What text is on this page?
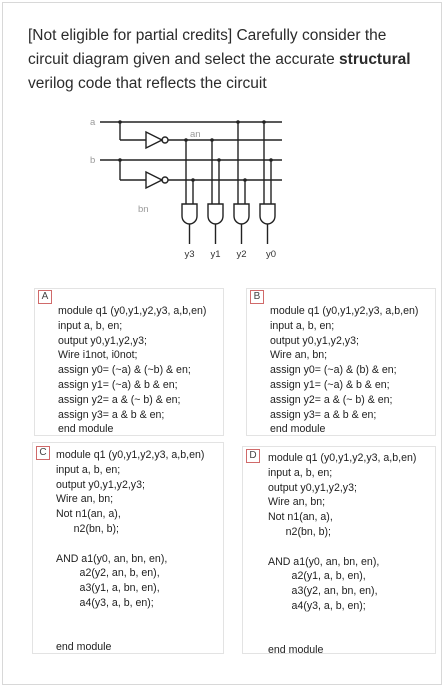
[Not eligible for partial credits] Carefully consider the circuit diagram given and select the accurate structural verilog code that reflects the circuit
a
b
an
bn
y3 y1 y2 y0
A
module q1 (y0,y1,y2,y3, a,b,en)
input a, b, en;
output y0,y1,y2,y3;
Wire i1not, i0not;
assign y0= (~a) & (~b) & en;
assign y1= (~a) & b & en;
assign y2= a & (~ b) & en;
assign y3= a & b & en;
end module
B
module q1 (y0,y1,y2,y3, a,b,en)
input a, b, en;
output y0,y1,y2,y3;
Wire an, bn;
assign y0= (~a) & (b) & en;
assign y1= (~a) & b & en;
assign y2= a & (~ b) & en;
assign y3= a & b & en;
end module
C module q1 (y0,y1,y2,y3, a,b,en)
input a, b, en;
output y0,y1,y2,y3;
Wire an, bn;
Not n1(an, a),
n2(bn, b);

AND a1(y0, an, bn, en),
a2(y2, an, b, en),
a3(y1, a, bn, en),
a4(y3, a, b, en);

end module
D	module q1 (y0,y1,y2,y3, a,b,en)
input a, b, en;
output y0,y1,y2,y3;
Wire an, bn;
Not n1(an, a),
n2(bn, b);

AND a1(y0, an, bn, en),
a2(y1, a, b, en),
a3(y2, an, bn, en),
a4(y3, a, b, en);

end module
